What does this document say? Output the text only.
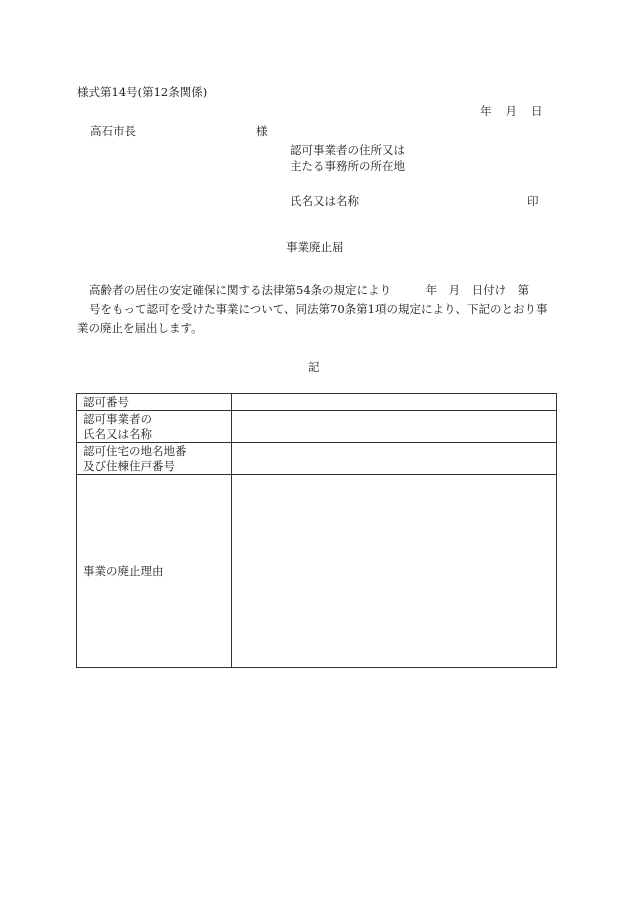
様式第14号(第12条関係)
年 月 日
高石市長	様
認可事業者の住所又は
主たる事務所の所在地
氏名又は名称	印
事業廃止届
高齢者の居住の安定確保に関する法律第54条の規定により　　　年　月　日付け　第
号をもって認可を受けた事業について、同法第70条第1項の規定により、下記のとおり事
業の廃止を届出します。
記
認可番号	

認可事業者の
氏名又は名称	

認可住宅の地名地番
及び住棟住戸番号	

事業の廃止理由	
